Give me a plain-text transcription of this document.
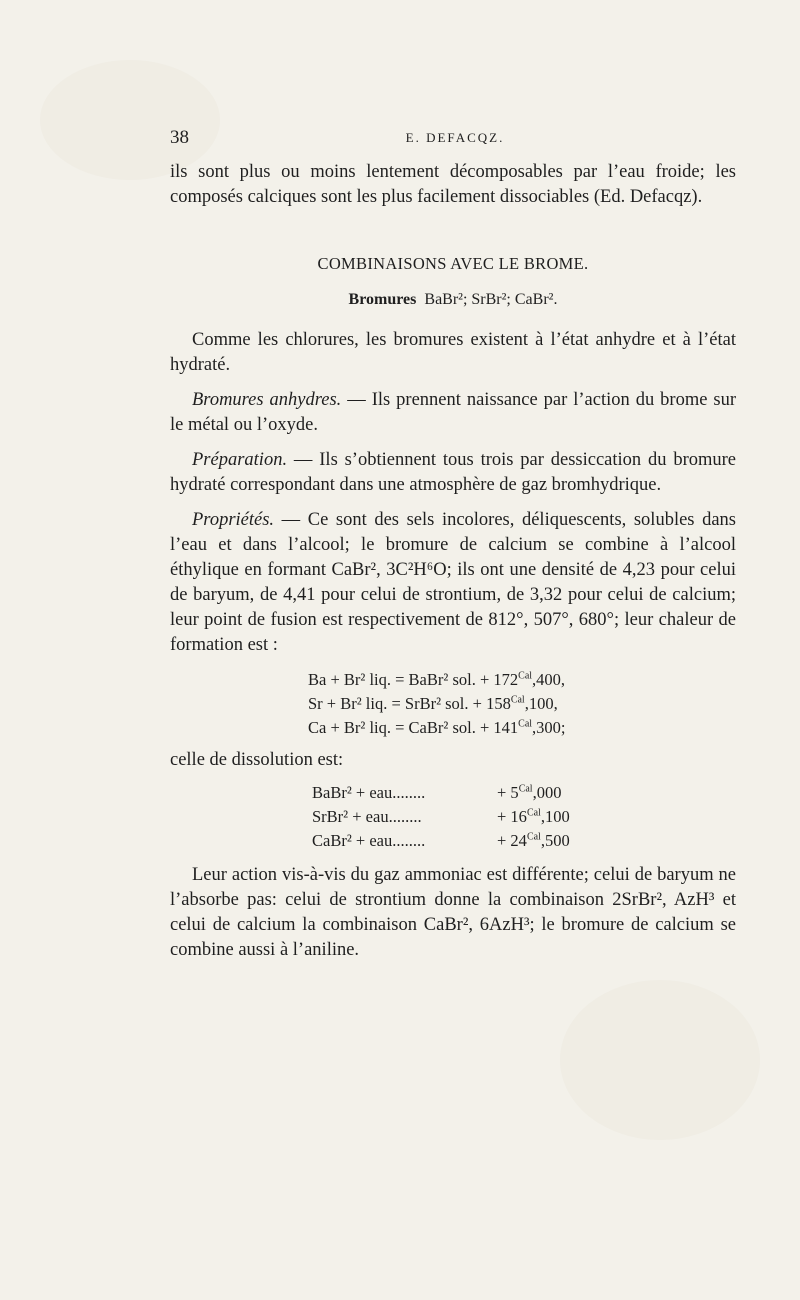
38	E. DEFACQZ.

ils sont plus ou moins lentement décomposables par l’eau froide; les composés calciques sont les plus facilement dissociables (Ed. Defacqz).

COMBINAISONS AVEC LE BROME.
Bromures BaBr²; SrBr²; CaBr².

Comme les chlorures, les bromures existent à l’état anhydre et à l’état hydraté.

Bromures anhydres. — Ils prennent naissance par l’action du brome sur le métal ou l’oxyde.

Préparation. — Ils s’obtiennent tous trois par dessiccation du bromure hydraté correspondant dans une atmosphère de gaz bromhydrique.

Propriétés. — Ce sont des sels incolores, déliquescents, solubles dans l’eau et dans l’alcool; le bromure de calcium se combine à l’alcool éthylique en formant CaBr², 3C²H⁶O; ils ont une densité de 4,23 pour celui de baryum, de 4,41 pour celui de strontium, de 3,32 pour celui de calcium; leur point de fusion est respectivement de 812°, 507°, 680°; leur chaleur de formation est :

Ba + Br² liq. = BaBr² sol. + $172^{Cal},400$,
Sr + Br² liq. = SrBr² sol. + $158^{Cal},100$,
Ca + Br² liq. = CaBr² sol. + $141^{Cal},300$;

celle de dissolution est:

BaBr² + eau........	+ $5^{Cal},000$
SrBr² + eau........	+ $16^{Cal},100$
CaBr² + eau........	+ $24^{Cal},500$

Leur action vis-à-vis du gaz ammoniac est différente; celui de baryum ne l’absorbe pas: celui de strontium donne la combinaison 2SrBr², AzH³ et celui de calcium la combinaison CaBr², 6AzH³; le bromure de calcium se combine aussi à l’aniline.
